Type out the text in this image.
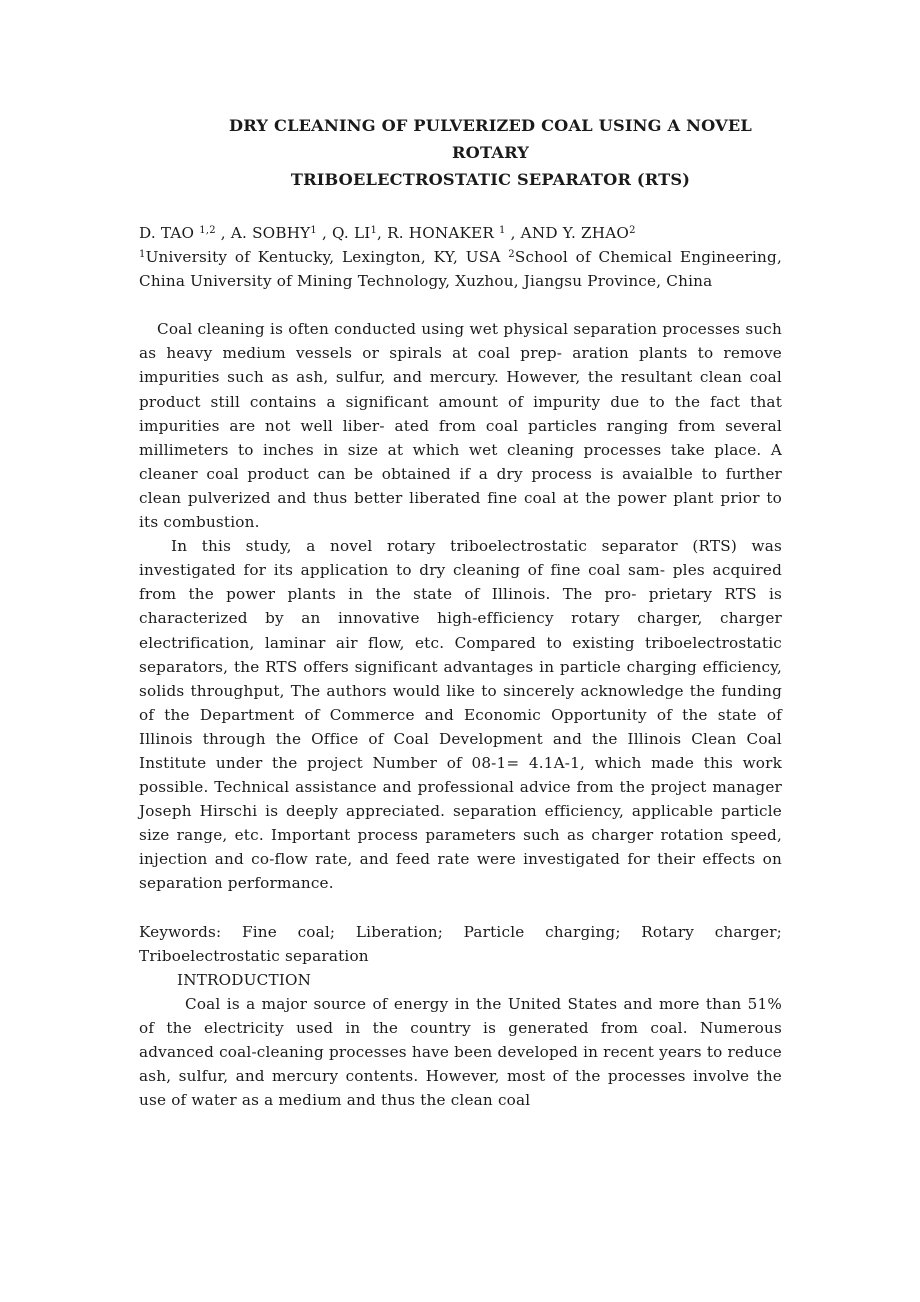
DRY CLEANING OF PULVERIZED COAL USING A NOVEL ROTARY
TRIBOELECTROSTATIC SEPARATOR (RTS)

D. TAO $^{1,2}$ , A. SOBHY$^1$ , Q. $LI^1$, R. HONAKER $^1$ , AND Y. ZHAO$^2$

$^1$University of Kentucky, Lexington, KY, USA $^2$School of Chemical Engineering, China University of Mining Technology, Xuzhou, Jiangsu Province, China

Coal cleaning is often conducted using wet physical separation processes such as heavy medium vessels or spirals at coal prep- aration plants to remove impurities such as ash, sulfur, and mercury. However, the resultant clean coal product still contains a significant amount of impurity due to the fact that impurities are not well liber- ated from coal particles ranging from several millimeters to inches in size at which wet cleaning processes take place. A cleaner coal product can be obtained if a dry process is avaialble to further clean pulverized and thus better liberated fine coal at the power plant prior to its combustion.

In this study, a novel rotary triboelectrostatic separator (RTS) was investigated for its application to dry cleaning of fine coal sam- ples acquired from the power plants in the state of Illinois. The pro- prietary RTS is characterized by an innovative high-efficiency rotary charger, charger electrification, laminar air flow, etc. Compared to existing triboelectrostatic separators, the RTS offers significant advantages in particle charging efficiency, solids throughput, The authors would like to sincerely acknowledge the funding of the Department of Commerce and Economic Opportunity of the state of Illinois through the Office of Coal Development and the Illinois Clean Coal Institute under the project Number of 08-1= 4.1A-1, which made this work possible. Technical assistance and professional advice from the project manager Joseph Hirschi is deeply appreciated. separation efficiency, applicable particle size range, etc. Important process parameters such as charger rotation speed, injection and co-flow rate, and feed rate were investigated for their effects on separation performance.

Keywords: Fine coal; Liberation; Particle charging; Rotary charger; Triboelectrostatic separation

INTRODUCTION

Coal is a major source of energy in the United States and more than 51% of the electricity used in the country is generated from coal. Numerous advanced coal-cleaning processes have been developed in recent years to reduce ash, sulfur, and mercury contents. However, most of the processes involve the use of water as a medium and thus the clean coal
